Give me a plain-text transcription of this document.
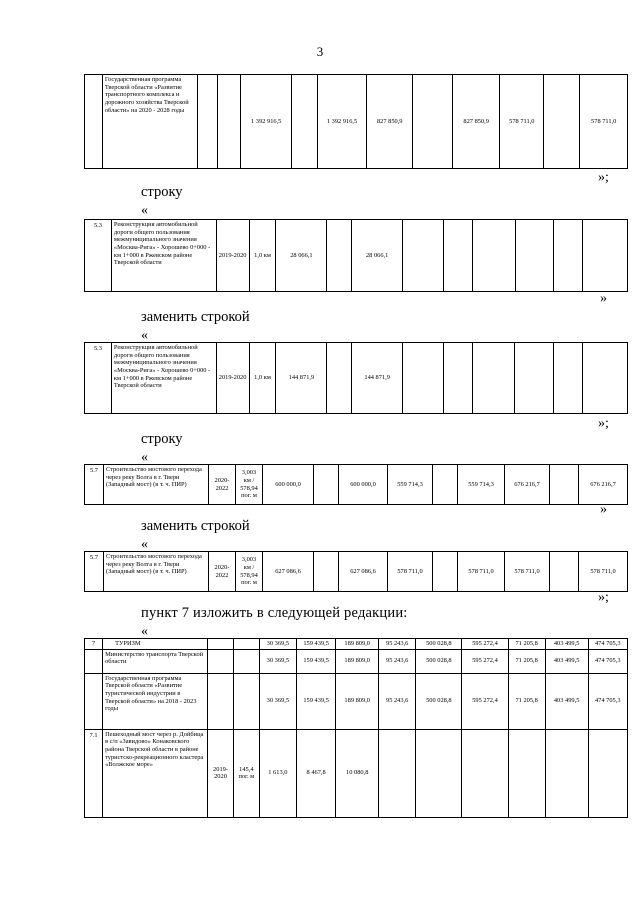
3
	Государственная программа Тверской области «Развитие транспортного комплекса и дорожного хозяйства Тверской области» на 2020 - 2028 годы			1 392 916,5		1 392 916,5	827 850,9		827 850,9	578 711,0		578 711,0
»;
строку
«
5.3	Реконструкция автомобильной дороги общего пользования межмуниципального значения «Москва-Рига» - Хорошево 0+000 - км 1+000 в Ржевском районе Тверской области	2019-2020	1,0 км	28 066,1		28 066,1						
»
заменить строкой
«
5.3	Реконструкция автомобильной дороги общего пользования межмуниципального значения «Москва-Рига» - Хорошево 0+000 - км 1+000 в Ржевском районе Тверской области	2019-2020	1,0 км	144 871,9		144 871,9						
»;
строку
«
5.7	Строительство мостового перехода через реку Волга в г. Твери (Западный мост) (в т. ч. ПИР)	2020-2022	3,003 км / 578,94 пог. м	600 000,0		600 000,0	559 714,3		559 714,3	676 216,7		676 216,7
»
заменить строкой
«
5.7	Строительство мостового перехода через реку Волга в г. Твери (Западный мост) (в т. ч. ПИР)	2020-2022	3,003 км / 578,94 пог. м	627 086,6		627 086,6	578 711,0		578 711,0	578 711,0		578 711,0
»;
пункт 7 изложить в следующей редакции:
«
7	ТУРИЗМ			30 369,5	159 439,5	189 809,0	95 243,6	500 028,8	595 272,4	71 205,8	403 499,5	474 705,3
	Министерство транспорта Тверской области			30 369,5	159 439,5	189 809,0	95 243,6	500 028,8	595 272,4	71 205,8	403 499,5	474 705,3
	Государственная программа Тверской области «Развитие туристической индустрии в Тверской области» на 2018 - 2023 годы			30 369,5	159 439,5	189 809,0	95 243,6	500 028,8	595 272,4	71 205,8	403 499,5	474 705,3
7.1	Пешеходный мост через р. Дойбица в с/п «Завидово» Конаковского района Тверской области в районе туристско-рекреационного кластера «Волжское море»	2019-2020	145,4 пог. м	1 613,0	8 467,8	10 080,8						
